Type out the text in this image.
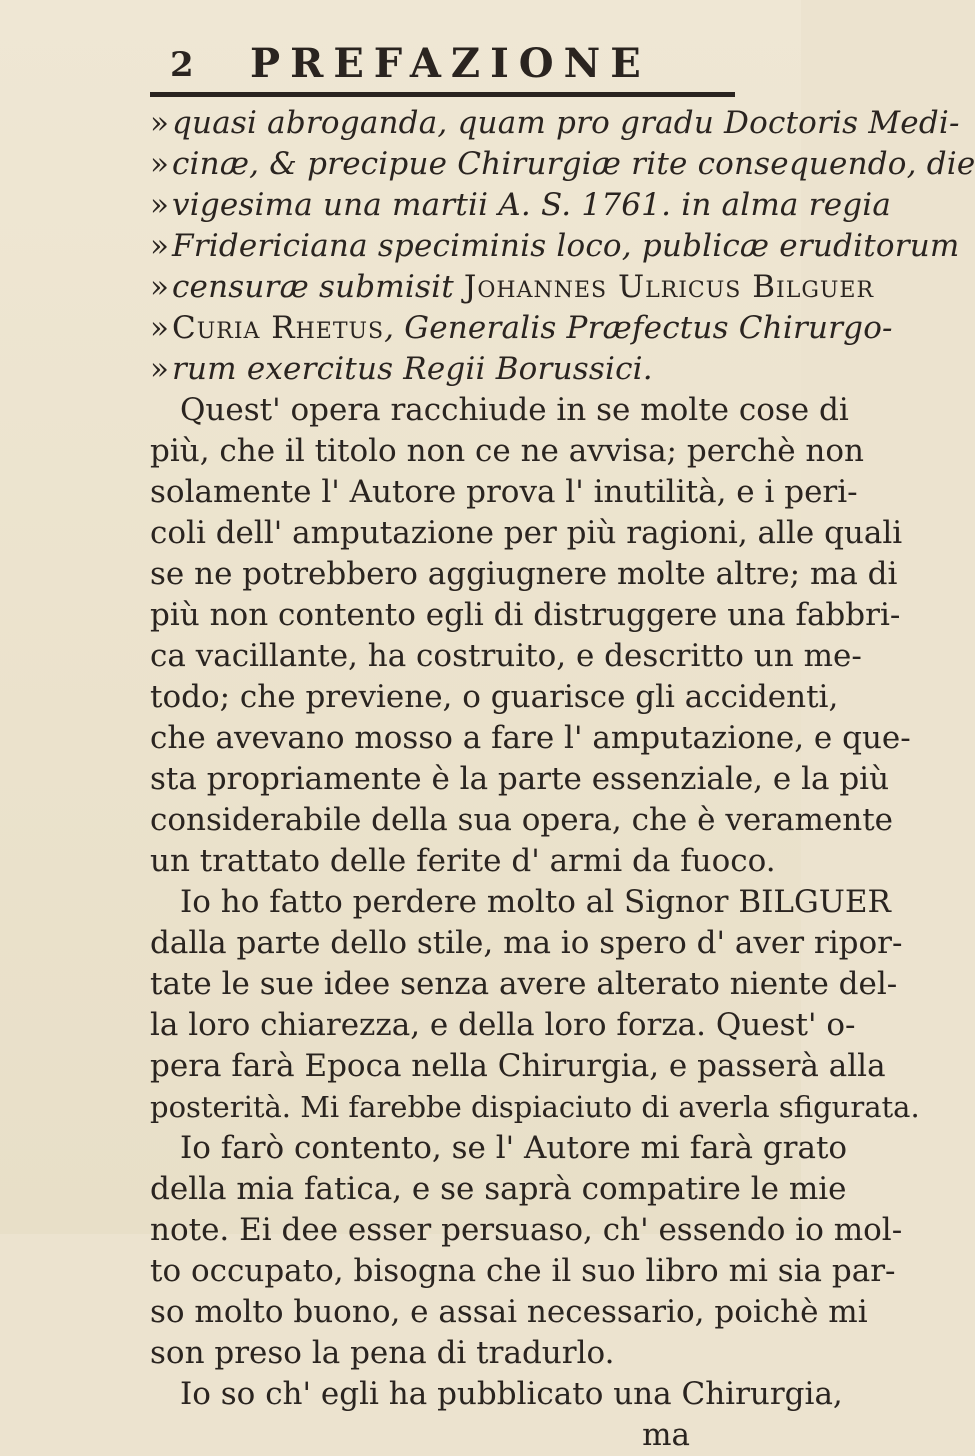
2 PREFAZIONE
»quasi abroganda, quam pro gradu Doctoris Medi-
»cinæ, & precipue Chirurgiæ rite consequendo, die
»vigesima una martii A. S. 1761. in alma regia
»Fridericiana speciminis loco, publicæ eruditorum
»censuræ submisit Johannes Ulricus Bilguer
»Curia Rhetus, Generalis Præfectus Chirurgo-
»rum exercitus Regii Borussici.
Quest' opera racchiude in se molte cose di
più, che il titolo non ce ne avvisa; perchè non
solamente l' Autore prova l' inutilità, e i peri-
coli dell' amputazione per più ragioni, alle quali
se ne potrebbero aggiugnere molte altre; ma di
più non contento egli di distruggere una fabbri-
ca vacillante, ha costruito, e descritto un me-
todo; che previene, o guarisce gli accidenti,
che avevano mosso a fare l' amputazione, e que-
sta propriamente è la parte essenziale, e la più
considerabile della sua opera, che è veramente
un trattato delle ferite d' armi da fuoco.
Io ho fatto perdere molto al Signor BILGUER
dalla parte dello stile, ma io spero d' aver ripor-
tate le sue idee senza avere alterato niente del-
la loro chiarezza, e della loro forza. Quest' o-
pera farà Epoca nella Chirurgia, e passerà alla
posterità. Mi farebbe dispiaciuto di averla sfigurata.
Io farò contento, se l' Autore mi farà grato
della mia fatica, e se saprà compatire le mie
note. Ei dee esser persuaso, ch' essendo io mol-
to occupato, bisogna che il suo libro mi sia par-
so molto buono, e assai necessario, poichè mi
son preso la pena di tradurlo.
Io so ch' egli ha pubblicato una Chirurgia,
ma
